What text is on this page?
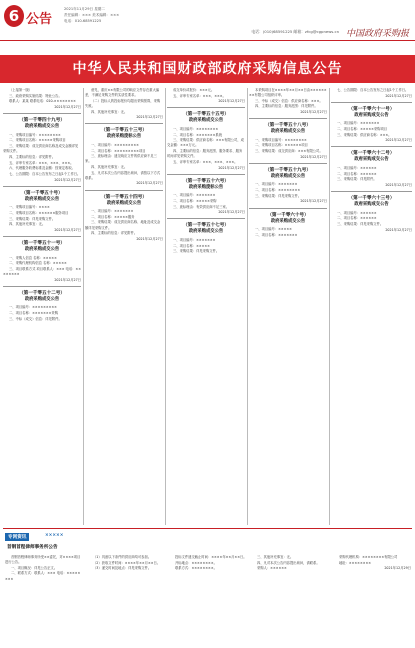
6 公告
2021年11月29日 星期二
责任编辑：××× 美术编辑：×××
电话：010-68591225
电话：(010)68591225 邮箱：zfcg@cgpnews.cn 中国政府采购报
中华人民共和国财政部政府采购信息公告

（上接第一版）

三、政府采购实施结果：特此公告。

联系人：某某 联系电话：010-××××××××

2021年12月27日
（第一千零四十九号）
政府采购成交公告

一、采购项目编号：××××××××

二、采购项目名称：×××××采购项目

三、采购结果：成交供应商名称及成交金额详见采购文件。

四、主要标的信息：详见附件。

五、评审专家名单：×××、×××、×××。

六、代理服务收费标准及金额：按规定收取。

七、公告期限：自本公告发布之日起1个工作日。

2021年12月27日
（第一千零五十号）
政府采购成交公告

一、采购项目编号：××××

二、采购项目名称：××××××服务项目

三、采购结果：详见采购文件。

四、其他补充事宜：无。

2021年12月27日
（第一千零五十一号）
政府采购成交公告

一、采购人信息 名称：×××××

二、采购代理机构信息 名称：×××××

三、项目联系方式 项目联系人：××× 电话：××××××××

2021年12月27日
（第一千零五十二号）
政府采购成交公告

一、项目编号：×××××××××

二、项目名称：×××××××采购

三、中标（成交）信息：详见附件。

意见，重庆××有限公司的响应文件存在重大偏差，不满足采购文件的实质性要求。

（二）投标人的投标报价均超出采购预算，采购失败。

四、其他补充事宜：无。

2021年12月27日
（第一千零五十三号）
政府采购废标公告

一、项目编号：×××××××××

二、项目名称：×××××××××项目

三、废标理由：递交响应文件的供应商不足三家。

四、其他补充事宜：无。

五、凡对本次公告内容提出询问，请按以下方式联系。

2021年12月27日
（第一千零五十四号）
政府采购成交公告

一、项目编号：×××××××

二、项目名称：×××××服务

三、采购结果：成交供应商名称、地址及成交金额详见采购文件。

四、主要标的信息：详见附件。

2021年12月27日

成交单价或报价：×××元。

五、评审专家名单：×××、×××。

2021年12月27日
（第一千零五十五号）
政府采购成交公告

一、项目编号：××××××××

二、项目名称：×××××××系统

三、采购结果：供应商名称：×××有限公司，成交金额：×××万元。

四、主要标的信息：服务范围、服务要求、服务时间详见采购文件。

五、评审专家名单：×××、×××、×××。

2021年12月27日
（第一千零五十六号）
政府采购废标公告

一、项目编号：×××××××

二、项目名称：×××××采购

三、废标理由：有效供应商不足三家。

2021年12月27日
（第一千零五十七号）
政府采购成交公告

一、项目编号：×××××××

二、项目名称：×××××

三、采购结果：详见采购文件。

本采购项目在××××年××月××日由××××××××有限公司组织评审。

三、中标（成交）信息：供应商名称：×××。

四、主要标的信息：服务范围：详见附件。

2021年12月27日
（第一千零五十八号）
政府采购成交公告

一、采购项目编号：××××××××

二、采购项目名称：××××××项目

三、采购结果：成交供应商：×××有限公司。

2021年12月27日
（第一千零五十九号）
政府采购成交公告

一、项目编号：×××××××

二、项目名称：××××××××

三、采购结果：详见采购文件。

2021年12月27日
（第一千零六十号）
政府采购成交公告

一、项目编号：×××××

二、项目名称：×××××××

七、公告期限：自本公告发布之日起1个工作日。

2021年12月27日
（第一千零六十一号）
政府采购成交公告

一、项目编号：×××××××

二、项目名称：×××××采购项目

三、采购结果：供应商名称：×××。

2021年12月27日
（第一千零六十二号）
政府采购成交公告

一、项目编号：××××××

二、项目名称：××××××

三、采购结果：详见附件。

2021年12月27日
（第一千零六十三号）
政府采购成交公告

一、项目编号：××××××

二、项目名称：××××××

三、采购结果：详见采购文件。

2021年12月27日
专网资讯	×××××
首钢首程律师事务所公告

首钢首程律师事务所受××委托，对××××项目进行公告。

一、项目概况：详见公告正文。

二、联系方式：联系人：××× 电话：××××××××

（1）具备以下条件的供应商均可参加。

（2）获取文件时间：××××年××月××日。

（3）递交时间及地点：详见采购文件。

投标文件递交截止时间：××××年××月××日。

开标地点：××××××××。

联系方式：××××××××。

三、其他补充事宜：无。

四、凡对本次公告内容提出询问，请联系。

采购人：××××××

采购代理机构：××××××××有限公司

地址：××××××××

2021年12月29日
